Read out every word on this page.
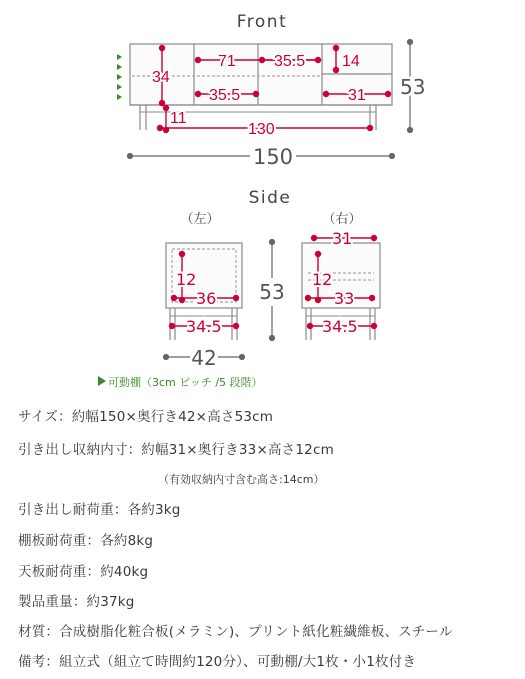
Front
71 35.5
34
14
35.5	31
11
130
53
150
Side
（左）	（右）
12
36
34.5
31
12
33
34.5
53
42
可動棚（3cm ピッチ /5 段階）
サイズ：約幅150×奥行き42×高さ53cm
引き出し収納内寸：約幅31×奥行き33×高さ12cm
（有効収納内寸含む高さ:14cm）
引き出し耐荷重：各約3kg
棚板耐荷重：各約8kg
天板耐荷重：約40kg
製品重量：約37kg
材質：合成樹脂化粧合板(メラミン)、プリント紙化粧繊維板、スチール
備考：組立式（組立て時間約120分）、可動棚/大1枚・小1枚付き
